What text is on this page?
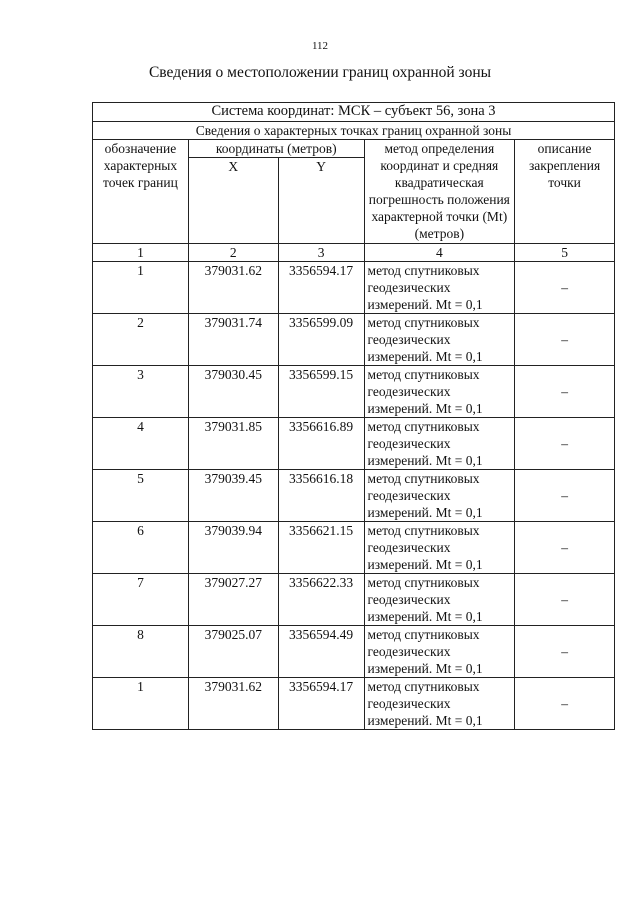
112
Сведения о местоположении границ охранной зоны
Система координат: МСК – субъект 56, зона 3				
Сведения о характерных точках границ охранной зоны				
обозначение характерных точек границ	координаты (метров)		метод определения координат и средняя квадратическая погрешность положения характерной точки (Mt) (метров)	описание закрепления точки
	X	Y		
1	2	3	4	5
1	379031.62	3356594.17	метод спутниковых геодезических измерений. Mt = 0,1	–
2	379031.74	3356599.09	метод спутниковых геодезических измерений. Mt = 0,1	–
3	379030.45	3356599.15	метод спутниковых геодезических измерений. Mt = 0,1	–
4	379031.85	3356616.89	метод спутниковых геодезических измерений. Mt = 0,1	–
5	379039.45	3356616.18	метод спутниковых геодезических измерений. Mt = 0,1	–
6	379039.94	3356621.15	метод спутниковых геодезических измерений. Mt = 0,1	–
7	379027.27	3356622.33	метод спутниковых геодезических измерений. Mt = 0,1	–
8	379025.07	3356594.49	метод спутниковых геодезических измерений. Mt = 0,1	–
1	379031.62	3356594.17	метод спутниковых геодезических измерений. Mt = 0,1	–
